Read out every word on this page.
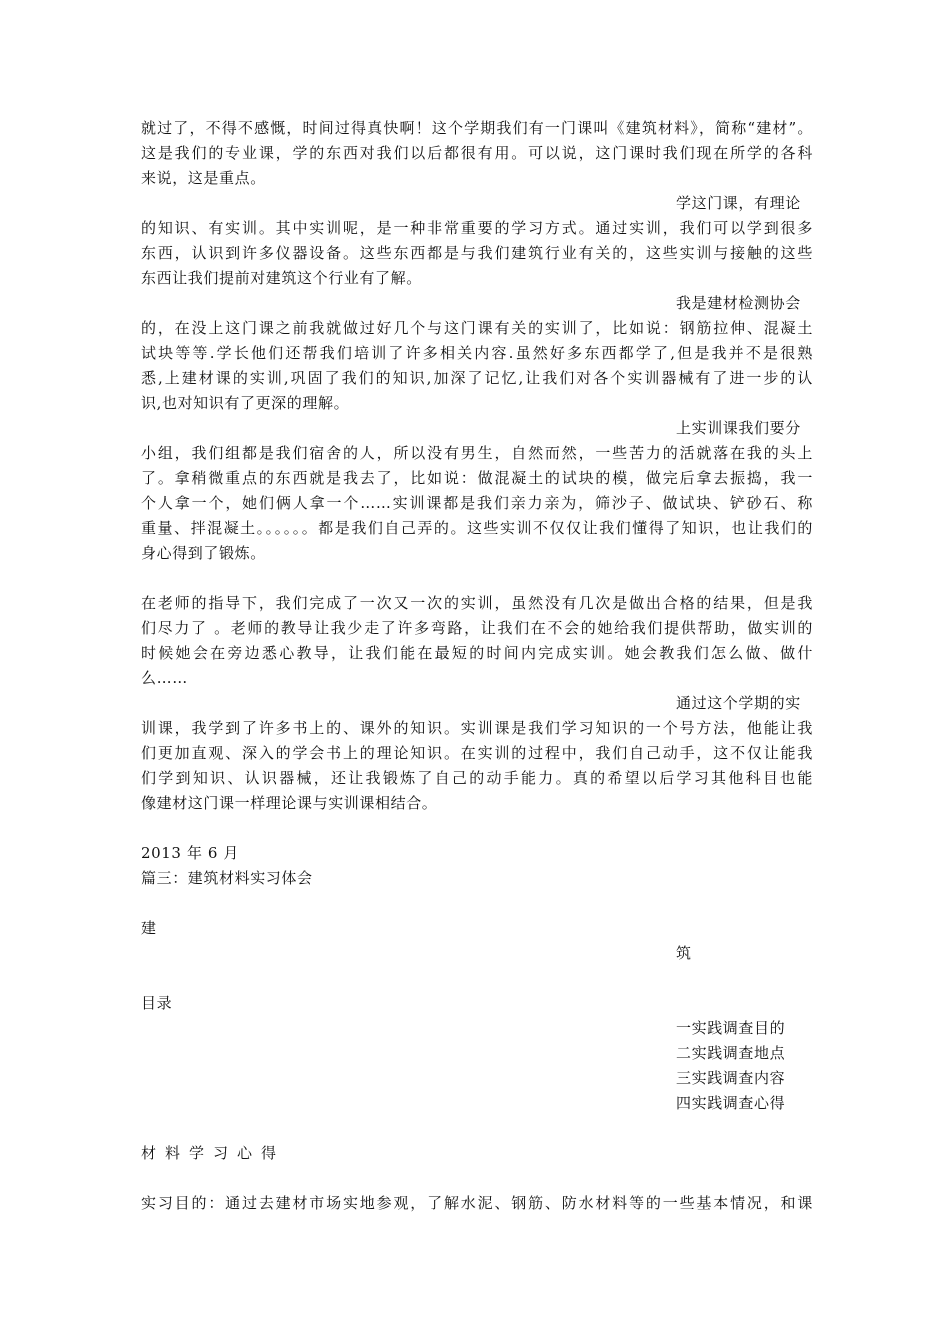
就过了，不得不感慨，时间过得真快啊！这个学期我们有一门课叫《建筑材料》，简称“建材”。
这是我们的专业课，学的东西对我们以后都很有用。可以说，这门课时我们现在所学的各科
来说，这是重点。
学这门课，有理论
的知识、有实训。其中实训呢，是一种非常重要的学习方式。通过实训，我们可以学到很多
东西，认识到许多仪器设备。这些东西都是与我们建筑行业有关的，这些实训与接触的这些
东西让我们提前对建筑这个行业有了解。
我是建材检测协会
的，在没上这门课之前我就做过好几个与这门课有关的实训了，比如说：钢筋拉伸、混凝土
试块等等.学长他们还帮我们培训了许多相关内容.虽然好多东西都学了,但是我并不是很熟
悉,上建材课的实训,巩固了我们的知识,加深了记忆,让我们对各个实训器械有了进一步的认
识,也对知识有了更深的理解。
上实训课我们要分
小组，我们组都是我们宿舍的人，所以没有男生，自然而然，一些苦力的活就落在我的头上
了。拿稍微重点的东西就是我去了，比如说：做混凝土的试块的模，做完后拿去振捣，我一
个人拿一个，她们俩人拿一个……实训课都是我们亲力亲为，筛沙子、做试块、铲砂石、称
重量、拌混凝土。。。。。。都是我们自己弄的。这些实训不仅仅让我们懂得了知识，也让我们的
身心得到了锻炼。
在老师的指导下，我们完成了一次又一次的实训，虽然没有几次是做出合格的结果，但是我
们尽力了 。老师的教导让我少走了许多弯路，让我们在不会的她给我们提供帮助，做实训的
时候她会在旁边悉心教导，让我们能在最短的时间内完成实训。她会教我们怎么做、做什
么……
通过这个学期的实
训课，我学到了许多书上的、课外的知识。实训课是我们学习知识的一个号方法，他能让我
们更加直观、深入的学会书上的理论知识。在实训的过程中，我们自己动手，这不仅让能我
们学到知识、认识器械，还让我锻炼了自己的动手能力。真的希望以后学习其他科目也能
像建材这门课一样理论课与实训课相结合。
2013 年 6 月
篇三：建筑材料实习体会
建
筑
目录
一实践调查目的
二实践调查地点
三实践调查内容
四实践调查心得
材料学习心得
实习目的：通过去建材市场实地参观，了解水泥、钢筋、防水材料等的一些基本情况，和课
